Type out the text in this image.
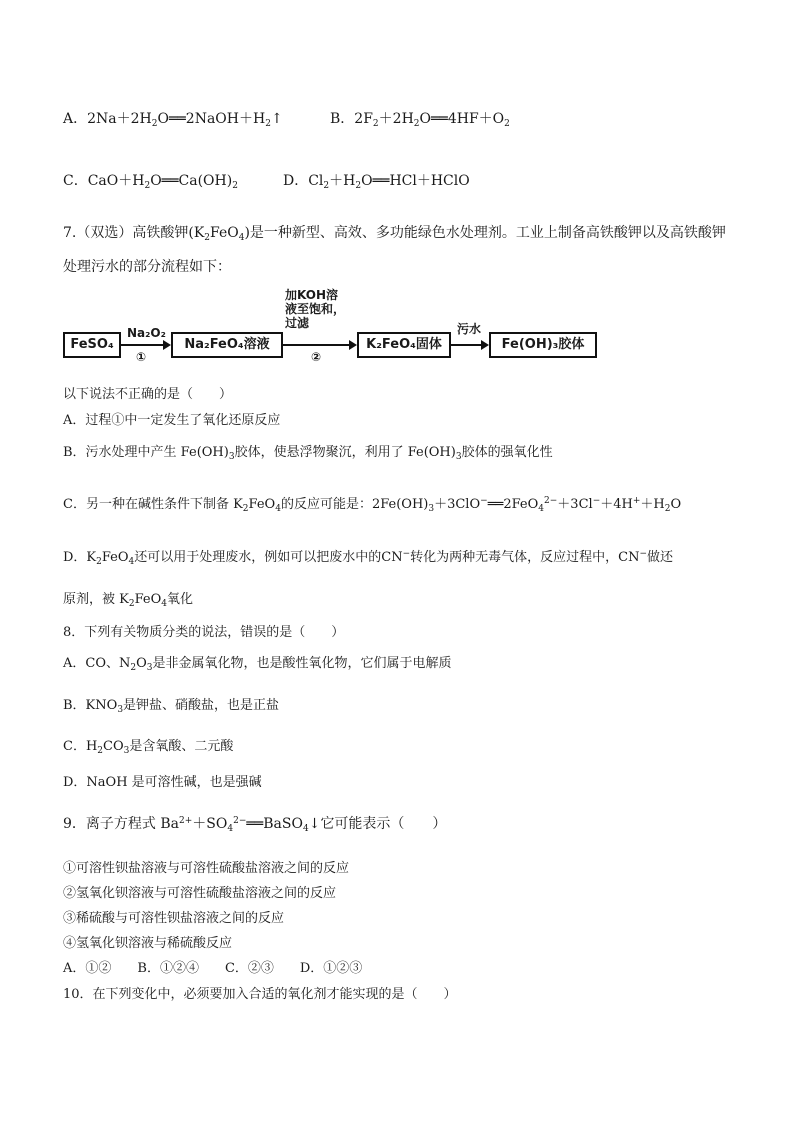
A．$2Na+2H_2O══2NaOH+H_2↑$	B．$2F_2+2H_2O══4HF+O_2$
C．$CaO+H_2O══Ca(OH)_2$	D．$Cl_2+H_2O══HCl+HClO$
7.（双选）高铁酸钾$(K_2FeO_4)$是一种新型、高效、多功能绿色水处理剂。工业上制备高铁酸钾以及高铁酸钾
处理污水的部分流程如下：
FeSO₄
Na₂O₂
①
Na₂FeO₄溶液
加KOH溶
液至饱和，
过滤
②
K₂FeO₄固体
污水
Fe(OH)₃胶体
以下说法不正确的是（　　）
A．过程①中一定发生了氧化还原反应
B．污水处理中产生 $Fe(OH)_3$胶体，使悬浮物聚沉，利用了 $Fe(OH)_3$胶体的强氧化性
C．另一种在碱性条件下制备 $K_2FeO_4$的反应可能是：$2Fe(OH)_3+3ClO^-══2FeO_4^{2-}+3Cl^-+4H^++H_2O$
D．$K_2FeO_4$还可以用于处理废水，例如可以把废水中的CN−转化为两种无毒气体，反应过程中，CN−做还
原剂，被 $K_2FeO_4$氧化
8．下列有关物质分类的说法，错误的是（　　）
A．CO、$N_2O_3$是非金属氧化物，也是酸性氧化物，它们属于电解质
B．$KNO_3$是钾盐、硝酸盐，也是正盐
C．$H_2CO_3$是含氧酸、二元酸
D．NaOH 是可溶性碱，也是强碱
9．离子方程式 $Ba^{2+}+SO_4^{2-}══BaSO_4↓$它可能表示（　　）
①可溶性钡盐溶液与可溶性硫酸盐溶液之间的反应
②氢氧化钡溶液与可溶性硫酸盐溶液之间的反应
③稀硫酸与可溶性钡盐溶液之间的反应
④氢氧化钡溶液与稀硫酸反应
A．①②　　B．①②④　　C．②③　　D．①②③
10．在下列变化中，必须要加入合适的氧化剂才能实现的是（　　）
